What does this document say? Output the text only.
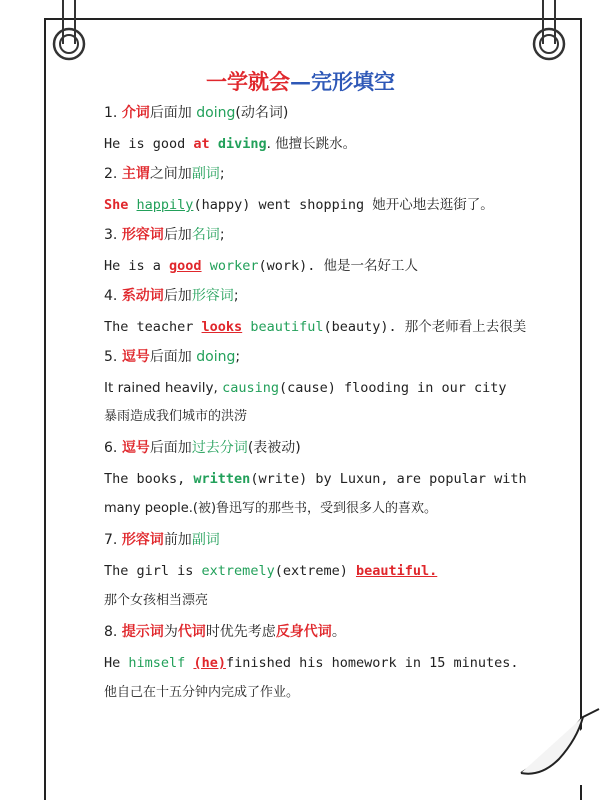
一学就会—完形填空
1. 介词后面加 doing(动名词)
He is good at diving. 他擅长跳水。
2. 主谓之间加副词;
She happily(happy) went shopping 她开心地去逛街了。
3. 形容词后加名词;
He is a good worker(work). 他是一名好工人
4. 系动词后加形容词;
The teacher looks beautiful(beauty). 那个老师看上去很美
5. 逗号后面加 doing;
It rained heavily, causing(cause) flooding in our city
暴雨造成我们城市的洪涝
6. 逗号后面加过去分词(表被动)
The books, written(write) by Luxun, are popular with
many people.(被)鲁迅写的那些书，受到很多人的喜欢。
7. 形容词前加副词
The girl is extremely(extreme) beautiful.
那个女孩相当漂亮
8. 提示词为代词时优先考虑反身代词。
He himself (he)finished his homework in 15 minutes.
他自己在十五分钟内完成了作业。
